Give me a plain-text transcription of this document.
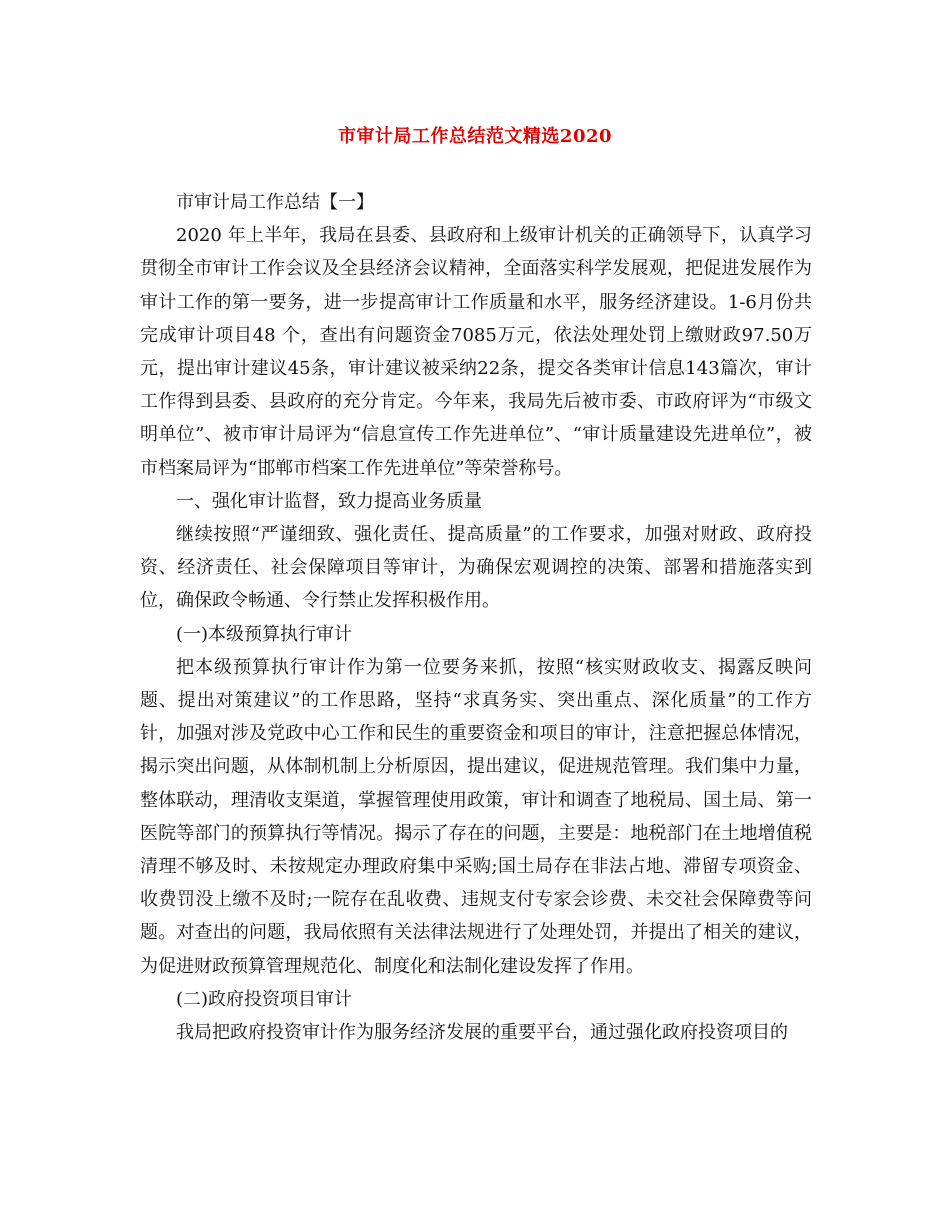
市审计局工作总结范文精选2020

市审计局工作总结【一】

2020 年上半年，我局在县委、县政府和上级审计机关的正确领导下，认真学习贯彻全市审计工作会议及全县经济会议精神，全面落实科学发展观，把促进发展作为审计工作的第一要务，进一步提高审计工作质量和水平，服务经济建设。1-6月份共完成审计项目48 个，查出有问题资金7085万元，依法处理处罚上缴财政97.50万元，提出审计建议45条，审计建议被采纳22条，提交各类审计信息143篇次，审计工作得到县委、县政府的充分肯定。今年来，我局先后被市委、市政府评为“市级文明单位”、被市审计局评为“信息宣传工作先进单位”、“审计质量建设先进单位”，被市档案局评为“邯郸市档案工作先进单位”等荣誉称号。

一、强化审计监督，致力提高业务质量

继续按照“严谨细致、强化责任、提高质量”的工作要求，加强对财政、政府投资、经济责任、社会保障项目等审计，为确保宏观调控的决策、部署和措施落实到位，确保政令畅通、令行禁止发挥积极作用。

(一)本级预算执行审计

把本级预算执行审计作为第一位要务来抓，按照“核实财政收支、揭露反映问题、提出对策建议”的工作思路，坚持“求真务实、突出重点、深化质量”的工作方针，加强对涉及党政中心工作和民生的重要资金和项目的审计，注意把握总体情况，揭示突出问题，从体制机制上分析原因，提出建议，促进规范管理。我们集中力量，整体联动，理清收支渠道，掌握管理使用政策，审计和调查了地税局、国土局、第一医院等部门的预算执行等情况。揭示了存在的问题，主要是：地税部门在土地增值税清理不够及时、未按规定办理政府集中采购;国土局存在非法占地、滞留专项资金、收费罚没上缴不及时;一院存在乱收费、违规支付专家会诊费、未交社会保障费等问题。对查出的问题，我局依照有关法律法规进行了处理处罚，并提出了相关的建议，为促进财政预算管理规范化、制度化和法制化建设发挥了作用。

(二)政府投资项目审计

我局把政府投资审计作为服务经济发展的重要平台，通过强化政府投资项目的
